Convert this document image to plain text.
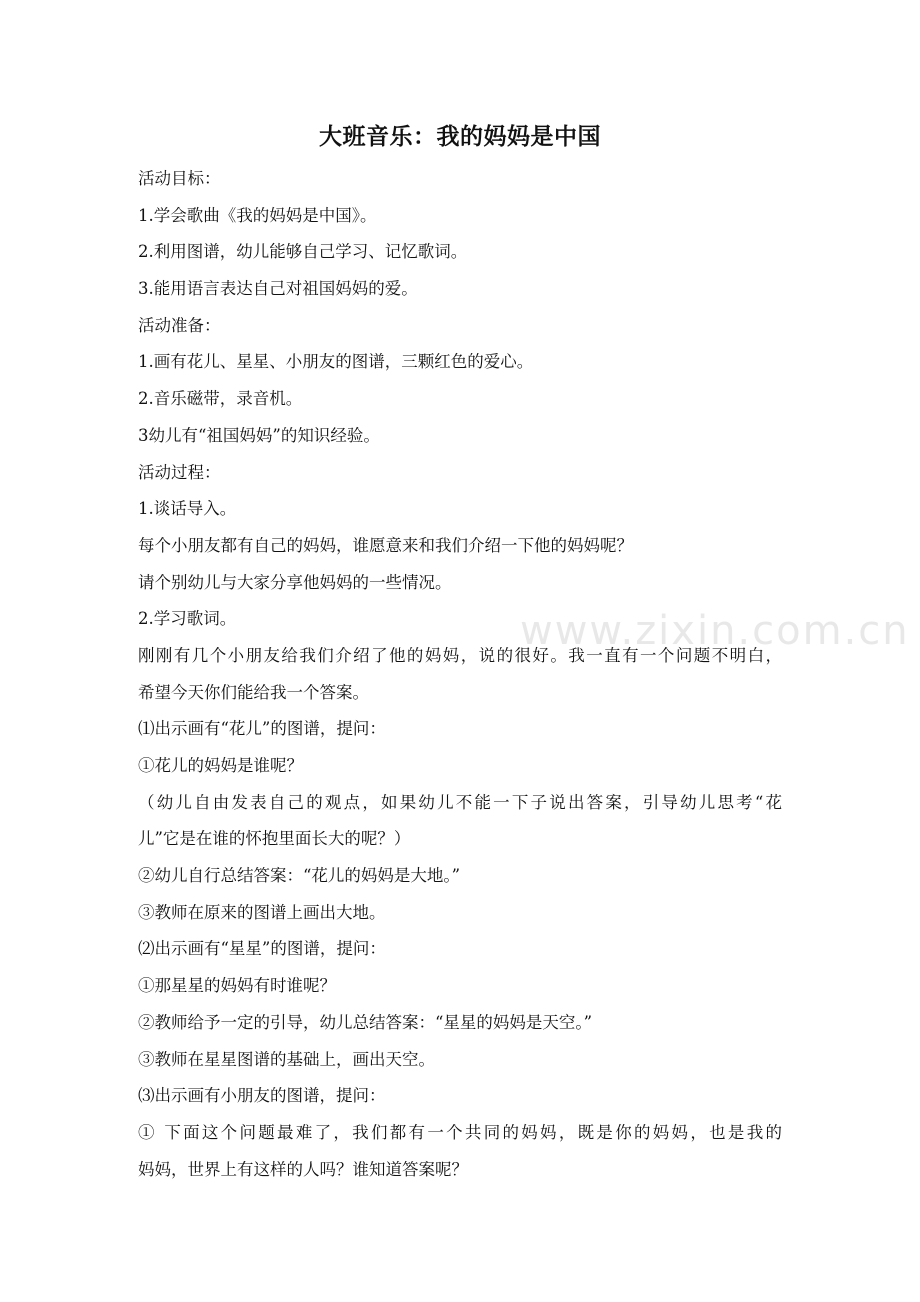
大班音乐：我的妈妈是中国
活动目标：
1.学会歌曲《我的妈妈是中国》。
2.利用图谱，幼儿能够自己学习、记忆歌词。
3.能用语言表达自己对祖国妈妈的爱。
活动准备：
1.画有花儿、星星、小朋友的图谱，三颗红色的爱心。
2.音乐磁带，录音机。
3幼儿有“祖国妈妈”的知识经验。
活动过程：
1.谈话导入。
每个小朋友都有自己的妈妈，谁愿意来和我们介绍一下他的妈妈呢？
请个别幼儿与大家分享他妈妈的一些情况。
2.学习歌词。
刚刚有几个小朋友给我们介绍了他的妈妈，说的很好。我一直有一个问题不明白，
希望今天你们能给我一个答案。
⑴出示画有“花儿”的图谱，提问：
①花儿的妈妈是谁呢？
（幼儿自由发表自己的观点，如果幼儿不能一下子说出答案，引导幼儿思考“花
儿”它是在谁的怀抱里面长大的呢？）
②幼儿自行总结答案：“花儿的妈妈是大地。”
③教师在原来的图谱上画出大地。
⑵出示画有“星星”的图谱，提问：
①那星星的妈妈有时谁呢？
②教师给予一定的引导，幼儿总结答案：“星星的妈妈是天空。”
③教师在星星图谱的基础上，画出天空。
⑶出示画有小朋友的图谱，提问：
① 下面这个问题最难了，我们都有一个共同的妈妈，既是你的妈妈，也是我的
妈妈，世界上有这样的人吗？谁知道答案呢？
www.zixin.com.cn
